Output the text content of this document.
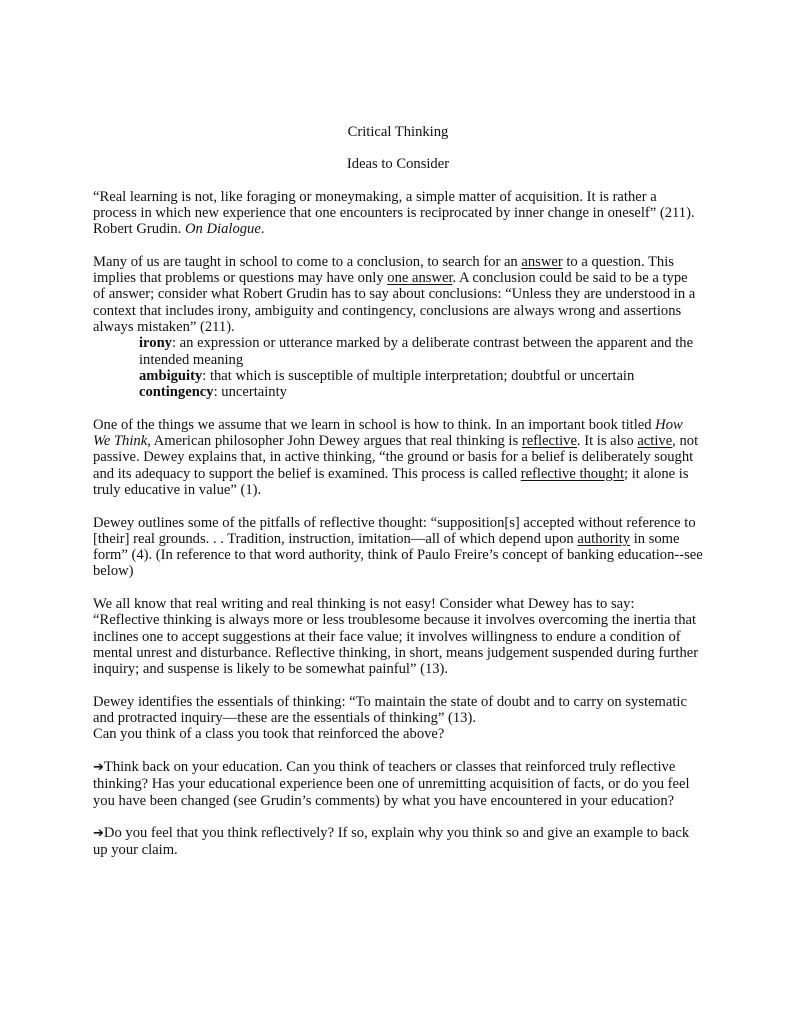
Critical Thinking

Ideas to Consider

“Real learning is not, like foraging or moneymaking, a simple matter of acquisition. It is rather a process in which new experience that one encounters is reciprocated by inner change in oneself” (211). Robert Grudin. On Dialogue.

Many of us are taught in school to come to a conclusion, to search for an answer to a question. This implies that problems or questions may have only one answer. A conclusion could be said to be a type of answer; consider what Robert Grudin has to say about conclusions: “Unless they are understood in a context that includes irony, ambiguity and contingency, conclusions are always wrong and assertions always mistaken” (211).

irony: an expression or utterance marked by a deliberate contrast between the apparent and the intended meaning

ambiguity: that which is susceptible of multiple interpretation; doubtful or uncertain

contingency: uncertainty

One of the things we assume that we learn in school is how to think. In an important book titled How We Think, American philosopher John Dewey argues that real thinking is reflective. It is also active, not passive. Dewey explains that, in active thinking, “the ground or basis for a belief is deliberately sought and its adequacy to support the belief is examined. This process is called reflective thought; it alone is truly educative in value” (1).

Dewey outlines some of the pitfalls of reflective thought: “supposition[s] accepted without reference to [their] real grounds. . . Tradition, instruction, imitation—all of which depend upon authority in some form” (4). (In reference to that word authority, think of Paulo Freire’s concept of banking education--see below)

We all know that real writing and real thinking is not easy! Consider what Dewey has to say: “Reflective thinking is always more or less troublesome because it involves overcoming the inertia that inclines one to accept suggestions at their face value; it involves willingness to endure a condition of mental unrest and disturbance. Reflective thinking, in short, means judgement suspended during further inquiry; and suspense is likely to be somewhat painful” (13).

Dewey identifies the essentials of thinking: “To maintain the state of doubt and to carry on systematic and protracted inquiry—these are the essentials of thinking” (13).

Can you think of a class you took that reinforced the above?

➔Think back on your education. Can you think of teachers or classes that reinforced truly reflective thinking? Has your educational experience been one of unremitting acquisition of facts, or do you feel you have been changed (see Grudin’s comments) by what you have encountered in your education?

➔Do you feel that you think reflectively? If so, explain why you think so and give an example to back up your claim.
